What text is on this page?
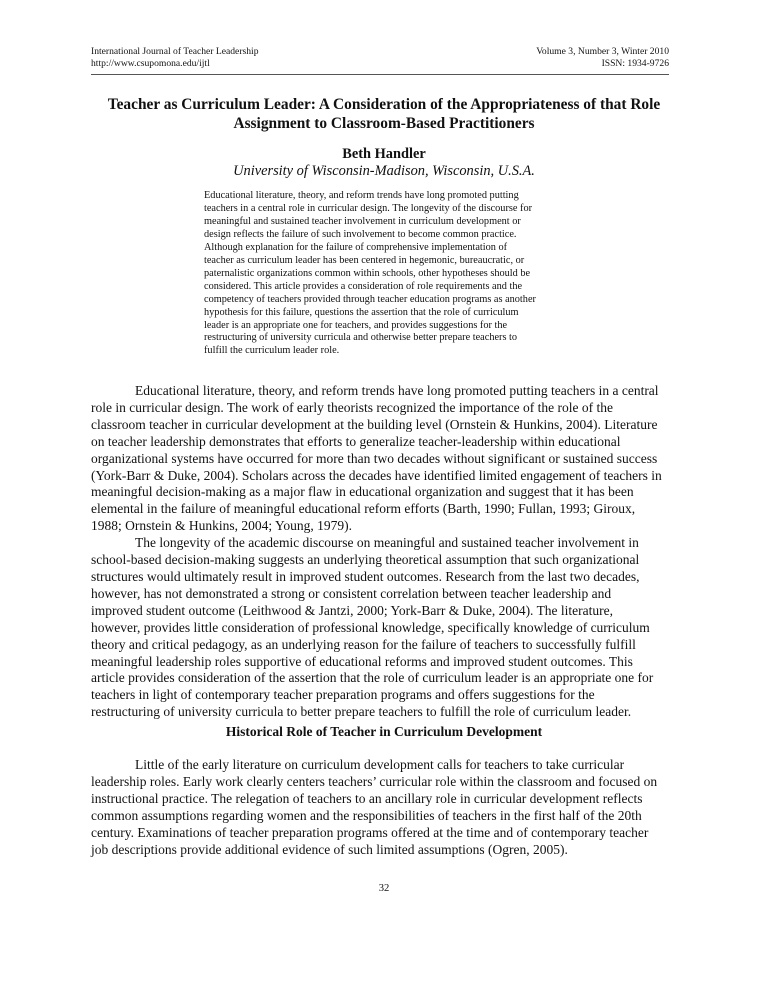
International Journal of Teacher Leadership	Volume 3, Number 3, Winter 2010
http://www.csupomona.edu/ijtl	ISSN: 1934-9726
Teacher as Curriculum Leader: A Consideration of the Appropriateness of that Role
Assignment to Classroom-Based Practitioners
Beth Handler
University of Wisconsin-Madison, Wisconsin, U.S.A.
Educational literature, theory, and reform trends have long promoted putting
teachers in a central role in curricular design. The longevity of the discourse for
meaningful and sustained teacher involvement in curriculum development or
design reflects the failure of such involvement to become common practice.
Although explanation for the failure of comprehensive implementation of
teacher as curriculum leader has been centered in hegemonic, bureaucratic, or
paternalistic organizations common within schools, other hypotheses should be
considered. This article provides a consideration of role requirements and the
competency of teachers provided through teacher education programs as another
hypothesis for this failure, questions the assertion that the role of curriculum
leader is an appropriate one for teachers, and provides suggestions for the
restructuring of university curricula and otherwise better prepare teachers to
fulfill the curriculum leader role.
Educational literature, theory, and reform trends have long promoted putting teachers in a central
role in curricular design. The work of early theorists recognized the importance of the role of the
classroom teacher in curricular development at the building level (Ornstein & Hunkins, 2004). Literature
on teacher leadership demonstrates that efforts to generalize teacher-leadership within educational
organizational systems have occurred for more than two decades without significant or sustained success
(York-Barr & Duke, 2004). Scholars across the decades have identified limited engagement of teachers in
meaningful decision-making as a major flaw in educational organization and suggest that it has been
elemental in the failure of meaningful educational reform efforts (Barth, 1990; Fullan, 1993; Giroux,
1988; Ornstein & Hunkins, 2004; Young, 1979).
The longevity of the academic discourse on meaningful and sustained teacher involvement in
school-based decision-making suggests an underlying theoretical assumption that such organizational
structures would ultimately result in improved student outcomes. Research from the last two decades,
however, has not demonstrated a strong or consistent correlation between teacher leadership and
improved student outcome (Leithwood & Jantzi, 2000; York-Barr & Duke, 2004). The literature,
however, provides little consideration of professional knowledge, specifically knowledge of curriculum
theory and critical pedagogy, as an underlying reason for the failure of teachers to successfully fulfill
meaningful leadership roles supportive of educational reforms and improved student outcomes. This
article provides consideration of the assertion that the role of curriculum leader is an appropriate one for
teachers in light of contemporary teacher preparation programs and offers suggestions for the
restructuring of university curricula to better prepare teachers to fulfill the role of curriculum leader.
Historical Role of Teacher in Curriculum Development
Little of the early literature on curriculum development calls for teachers to take curricular
leadership roles. Early work clearly centers teachers’ curricular role within the classroom and focused on
instructional practice. The relegation of teachers to an ancillary role in curricular development reflects
common assumptions regarding women and the responsibilities of teachers in the first half of the 20th
century. Examinations of teacher preparation programs offered at the time and of contemporary teacher
job descriptions provide additional evidence of such limited assumptions (Ogren, 2005).
32
